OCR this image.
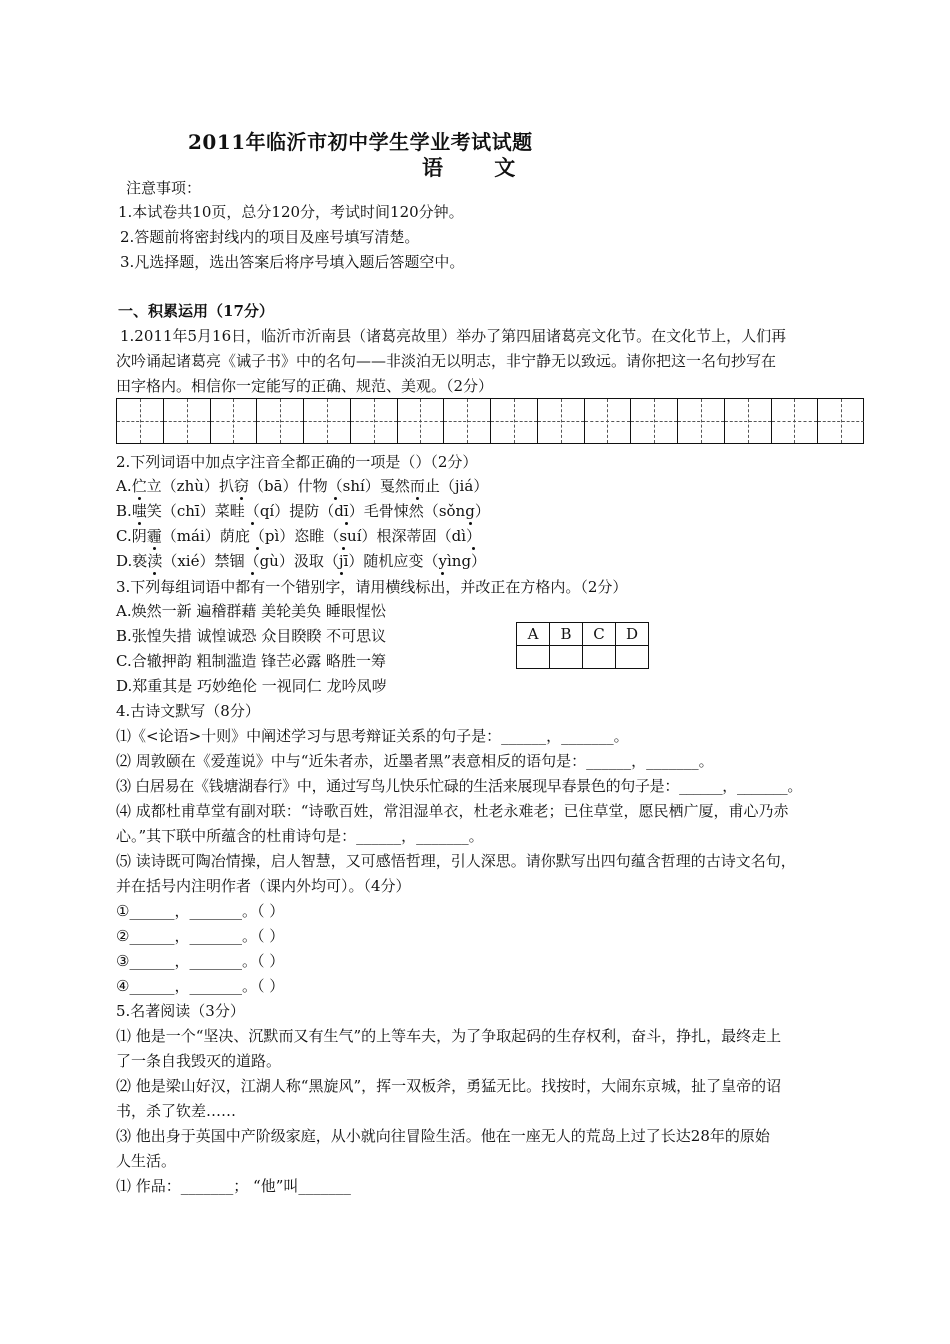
2011年临沂市初中学生学业考试试题
语 文
注意事项：
1.本试卷共10页，总分120分，考试时间120分钟。
2.答题前将密封线内的项目及座号填写清楚。
3.凡选择题，选出答案后将序号填入题后答题空中。
一、积累运用（17分）
1.2011年5月16日，临沂市沂南县（诸葛亮故里）举办了第四届诸葛亮文化节。在文化节上，人们再
次吟诵起诸葛亮《诫子书》中的名句——非淡泊无以明志，非宁静无以致远。请你把这一名句抄写在
田字格内。相信你一定能写的正确、规范、美观。（2分）
2.下列词语中加点字注音全都正确的一项是（）（2分）
A.伫立（zhù）扒窃（bā）什物（shí）戛然而止（jiá）
B.嗤笑（chī）菜畦（qí）提防（dī）毛骨悚然（sǒng）
C.阴霾（mái）荫庇（pì）恣睢（suí）根深蒂固（dì）
D.亵渎（xié）禁锢（gù）汲取（jī）随机应变（yìng）
3.下列每组词语中都有一个错别字，请用横线标出，并改正在方格内。（2分）
A.焕然一新 遍稽群藉 美轮美奂 睡眼惺忪
B.张惶失措 诚惶诚恐 众目睽睽 不可思议
C.合辙押韵 粗制滥造 锋芒必露 略胜一筹
D.郑重其是 巧妙绝伦 一视同仁 龙吟凤哕
A	B	C	D

4.古诗文默写（8分）
⑴《<论语>十则》中阐述学习与思考辩证关系的句子是：______，_______。
⑵ 周敦颐在《爱莲说》中与“近朱者赤，近墨者黑”表意相反的语句是：______，_______。
⑶ 白居易在《钱塘湖春行》中，通过写鸟儿快乐忙碌的生活来展现早春景色的句子是：______，_______。
⑷ 成都杜甫草堂有副对联：“诗歌百姓，常泪湿单衣，杜老永难老；已住草堂，愿民栖广厦，甫心乃赤
心。”其下联中所蕴含的杜甫诗句是：______，_______。
⑸ 读诗既可陶冶情操，启人智慧，又可感悟哲理，引人深思。请你默写出四句蕴含哲理的古诗文名句，
并在括号内注明作者（课内外均可）。（4分）
①______，_______。（ ）
②______，_______。（ ）
③______，_______。（ ）
④______，_______。（ ）
5.名著阅读（3分）
⑴ 他是一个“坚决、沉默而又有生气”的上等车夫，为了争取起码的生存权利，奋斗，挣扎，最终走上
了一条自我毁灭的道路。
⑵ 他是梁山好汉，江湖人称“黑旋风”，挥一双板斧，勇猛无比。找按时，大闹东京城，扯了皇帝的诏
书，杀了钦差……
⑶ 他出身于英国中产阶级家庭，从小就向往冒险生活。他在一座无人的荒岛上过了长达28年的原始
人生活。
⑴ 作品：_______； “他”叫_______
